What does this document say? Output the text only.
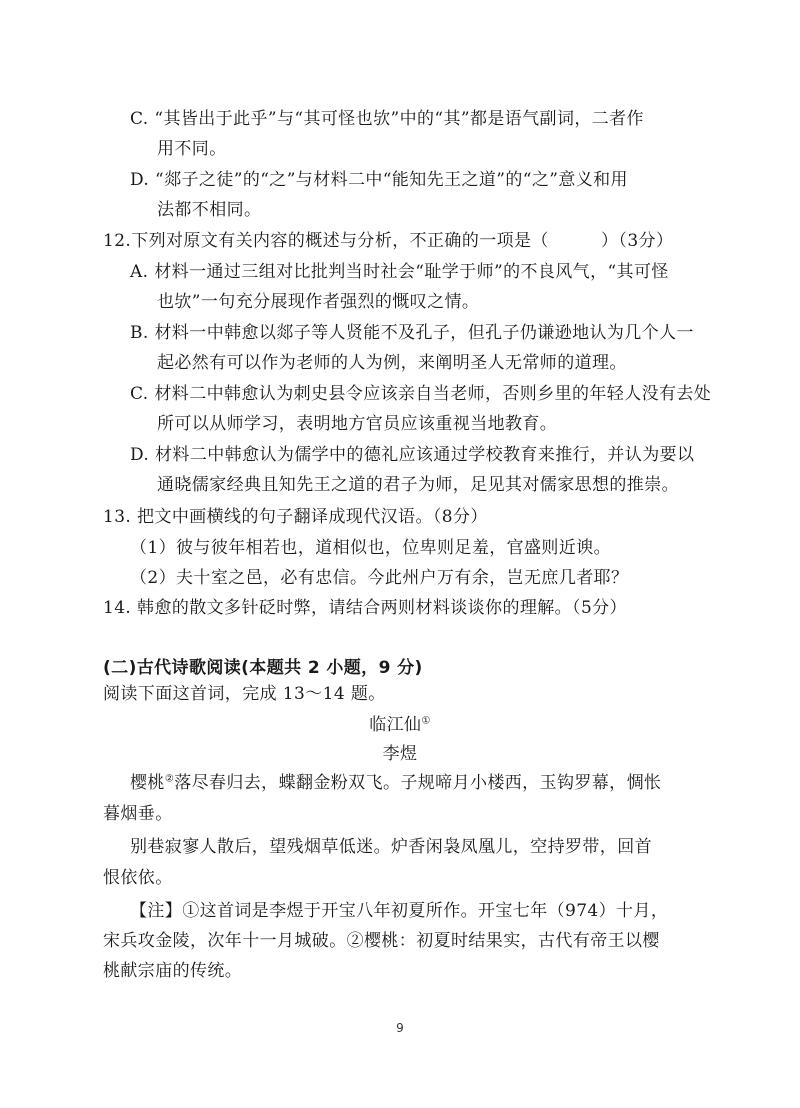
C. “其皆出于此乎”与“其可怪也欤”中的“其”都是语气副词，二者作
用不同。
D. “郯子之徒”的“之”与材料二中“能知先王之道”的“之”意义和用
法都不相同。
12.下列对原文有关内容的概述与分析，不正确的一项是（　　　）（3分）
A. 材料一通过三组对比批判当时社会“耻学于师”的不良风气，“其可怪
也欤”一句充分展现作者强烈的慨叹之情。
B. 材料一中韩愈以郯子等人贤能不及孔子，但孔子仍谦逊地认为几个人一
起必然有可以作为老师的人为例，来阐明圣人无常师的道理。
C. 材料二中韩愈认为刺史县令应该亲自当老师，否则乡里的年轻人没有去处
所可以从师学习，表明地方官员应该重视当地教育。
D. 材料二中韩愈认为儒学中的德礼应该通过学校教育来推行，并认为要以
通晓儒家经典且知先王之道的君子为师，足见其对儒家思想的推崇。
13. 把文中画横线的句子翻译成现代汉语。（8分）
（1）彼与彼年相若也，道相似也，位卑则足羞，官盛则近谀。
（2）夫十室之邑，必有忠信。今此州户万有余，岂无庶几者耶？
14. 韩愈的散文多针砭时弊，请结合两则材料谈谈你的理解。（5分）
(二)古代诗歌阅读(本题共 2 小题，9 分)
阅读下面这首词，完成 13～14 题。
临江仙①
李煜
樱桃②落尽春归去，蝶翻金粉双飞。子规啼月小楼西，玉钩罗幕，惆怅
暮烟垂。
别巷寂寥人散后，望残烟草低迷。炉香闲袅凤凰儿，空持罗带，回首
恨依依。
【注】①这首词是李煜于开宝八年初夏所作。开宝七年（974）十月，
宋兵攻金陵，次年十一月城破。②樱桃：初夏时结果实，古代有帝王以樱
桃献宗庙的传统。
9
